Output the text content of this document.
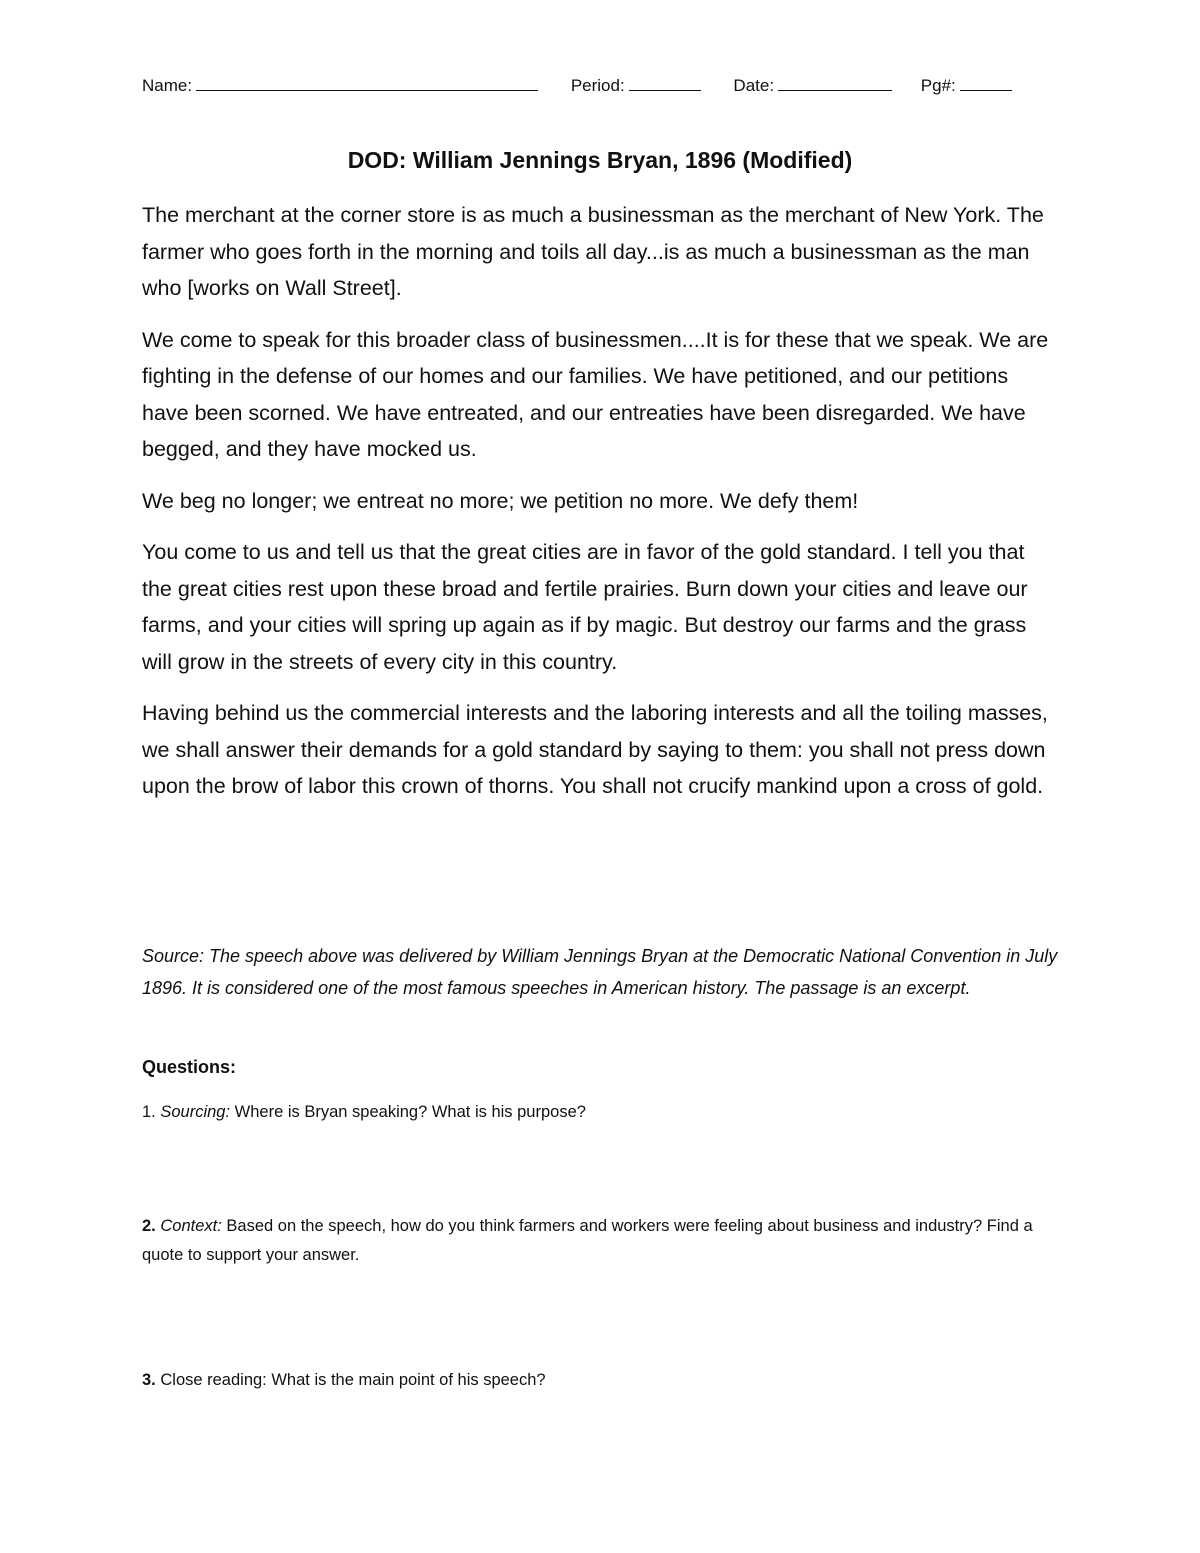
Name:	Period:	Date:	Pg#:
DOD: William Jennings Bryan, 1896 (Modified)

The merchant at the corner store is as much a businessman as the merchant of New York. The farmer who goes forth in the morning and toils all day...is as much a businessman as the man who [works on Wall Street].

We come to speak for this broader class of businessmen....It is for these that we speak. We are fighting in the defense of our homes and our families. We have petitioned, and our petitions have been scorned. We have entreated, and our entreaties have been disregarded. We have begged, and they have mocked us.

We beg no longer; we entreat no more; we petition no more. We defy them!

You come to us and tell us that the great cities are in favor of the gold standard. I tell you that the great cities rest upon these broad and fertile prairies. Burn down your cities and leave our farms, and your cities will spring up again as if by magic. But destroy our farms and the grass will grow in the streets of every city in this country.

Having behind us the commercial interests and the laboring interests and all the toiling masses, we shall answer their demands for a gold standard by saying to them: you shall not press down upon the brow of labor this crown of thorns. You shall not crucify mankind upon a cross of gold.

Source: The speech above was delivered by William Jennings Bryan at the Democratic National Convention in July 1896. It is considered one of the most famous speeches in American history. The passage is an excerpt.
Questions:
1. Sourcing: Where is Bryan speaking? What is his purpose?
2. Context: Based on the speech, how do you think farmers and workers were feeling about business and industry? Find a quote to support your answer.
3. Close reading: What is the main point of his speech?
